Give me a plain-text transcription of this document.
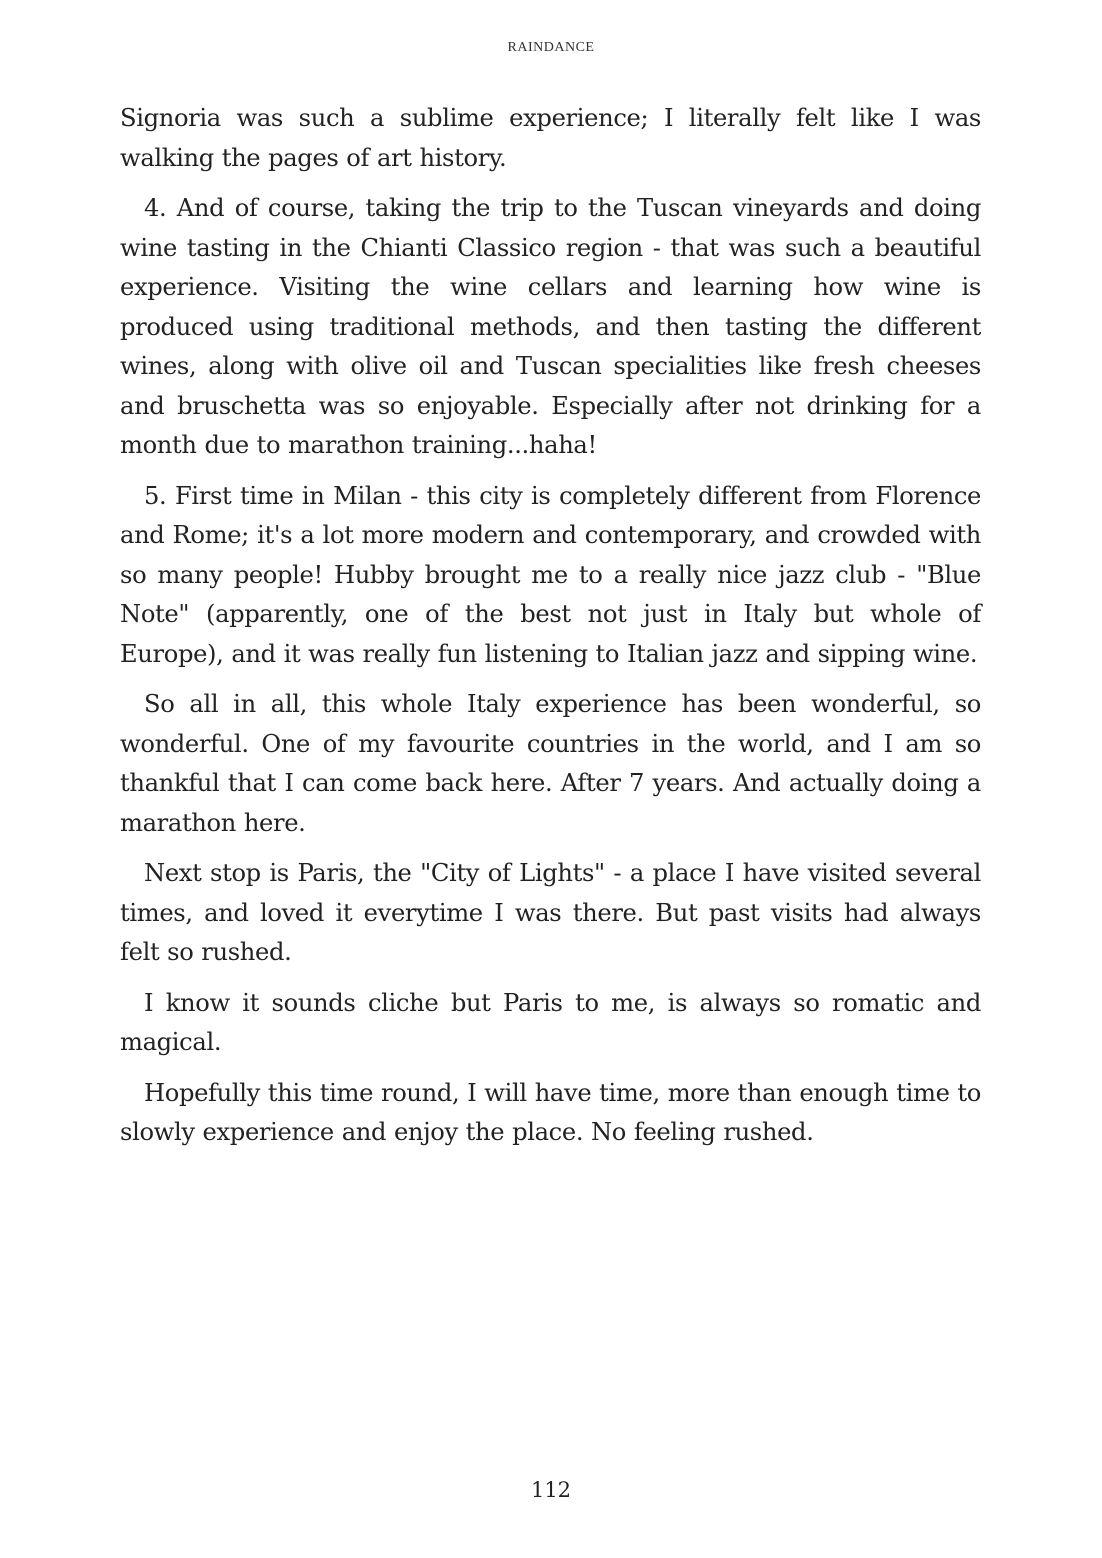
RAINDANCE

Signoria was such a sublime experience; I literally felt like I was walking the pages of art history.

4. And of course, taking the trip to the Tuscan vineyards and doing wine tasting in the Chianti Classico region - that was such a beautiful experience. Visiting the wine cellars and learning how wine is produced using traditional methods, and then tasting the different wines, along with olive oil and Tuscan specialities like fresh cheeses and bruschetta was so enjoyable. Especially after not drinking for a month due to marathon training...haha!

5. First time in Milan - this city is completely different from Florence and Rome; it's a lot more modern and contemporary, and crowded with so many people! Hubby brought me to a really nice jazz club - "Blue Note" (apparently, one of the best not just in Italy but whole of Europe), and it was really fun listening to Italian jazz and sipping wine.

So all in all, this whole Italy experience has been wonderful, so wonderful. One of my favourite countries in the world, and I am so thankful that I can come back here. After 7 years. And actually doing a marathon here.

Next stop is Paris, the "City of Lights" - a place I have visited several times, and loved it everytime I was there. But past visits had always felt so rushed.

I know it sounds cliche but Paris to me, is always so romatic and magical.

Hopefully this time round, I will have time, more than enough time to slowly experience and enjoy the place. No feeling rushed.

112
